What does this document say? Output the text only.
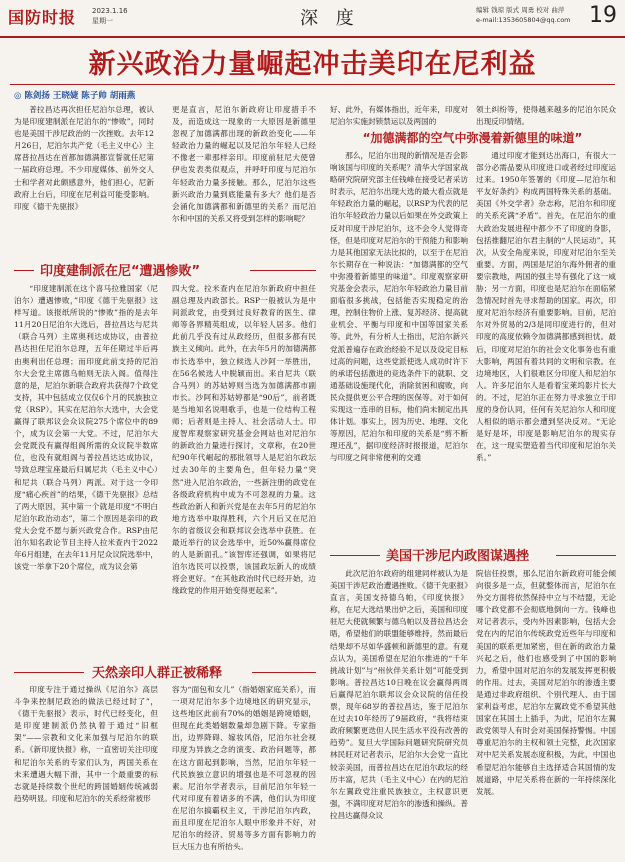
国防时报 2023.1.16
星期一	深 度	编辑 钱琼 版式 周勇 校对 曲萍
e-mail:1353605804@qq.com 19
新兴政治力量崛起冲击美印在尼利益
◎ 陈剑扬 王晓婕 陈子帅 胡雨燕

普拉昌达再次担任尼泊尔总理，被认为是印度建制派在尼泊尔的“惨败”，同时也是美国干涉尼政治的一次挫败。去年12月26日，尼泊尔共产党（毛主义中心）主席普拉昌达在首都加德满都宣誓就任尼第一届政府总理。不少印度媒体、前外交人士和学者对此颇感意外，他们担心，尼新政府上台后，印度在尼利益可能受影响。印度《德干先驱报》

更是直言，尼泊尔新政府让印度措手不及，而造成这一现象的一大原因是新德里忽视了加德满都出现的新政治变化——年轻政治力量的崛起以及尼泊尔年轻人已经不像老一辈那样亲印。印度前驻尼大使曾伊也发表类似观点，并呼吁印度与尼泊尔年轻政治力量多接触。那么，尼泊尔这些新兴政治力量到底能量有多大？他们是否会涌化加德满都和新德里的关系？而尼泊尔和中国的关系又将受到怎样的影响呢？

好、此外，有媒体指出，近年来，印度对尼泊尔实施封锁禁运以及两国的

领土纠纷等，使得越来越多的尼泊尔民众出现反印情绪。

“加德满都的空气中弥漫着新德里的味道”
印度建制派在尼“遭遇惨败”

“印度建制派在这个喜马拉雅国家（尼泊尔）遭遇惨败，”印度《德干先驱报》这样写道。该报纸所说的“惨败”指的是去年11月20日尼泊尔大选后，普拉昌达与尼共（联合马列）主席奥利达成协议，由普拉昌达担任尼泊尔总理，五年任期过半后再由奥利出任总理；而印度此前支持的尼泊尔大会党主席德乌帕则无法入阁。值得注意的是，尼泊尔新联合政府共获得7个政党支持，其中包括成立仅仅6个月的民族独立党（RSP）。其实在尼泊尔大选中，大会党赢得了联邦议会众议院275个席位中的89个，成为议会第一大党。不过，尼泊尔大会党既没有赢得组阁所需的众议院半数席位，也没有就组阁与普拉昌达达成协议，导致总理宝座最后归属尼共（毛主义中心）和尼共（联合马列）两派。对于这一令印度“痛心疾首”的结果，《德干先驱报》总结了两大原因，其中第一个就是印度“不明白尼泊尔政治动态”，第二个原因是亲印的政党大会党不愿与新兴政党合作。RSP由尼泊尔知名政论节目主持人拉米查内于2022年6月组建，在去年11月尼众议院选举中，该党一举拿下20个席位，成为议会第

四大党。拉米查内在尼泊尔新政府中担任副总理及内政部长。RSP一般被认为是中间派政党，由受到过良好教育的医生、律师等各界精英组成，以年轻人居多。他们此前几乎没有过从政经历，但很多都有民族主义倾向。此外，在去年5月的加德满都市长选举中，独立候选人沙阿一举胜出，在56名候选人中脱颖而出。来自尼共（联合马列）的苏姑婷则当选为加德满都市副市长。沙阿和苏姑婷都是“90后”，前者既是当地知名说唱歌手，也是一位结构工程师；后者则是主持人、社会活动人士。印度智库观察家研究基金会网站也对尼泊尔的新政治力量进行探讨，文章称，在20世纪90年代崛起的那批领导人是尼泊尔政坛过去30年的主要角色，但年轻力量“突然”进入尼泊尔政治，一些新注册的政党在各级政府机构中成为不可忽视的力量。这些政治新人和新兴党是在去年5月的尼泊尔地方选举中取得胜利，六个月后又在尼泊尔的省级议会和联邦议会选举中获胜。在最近举行的议会选举中，近50%赢得席位的人是新面孔。”该智库还强调，如果将尼泊尔选民可以投票，该国政坛新人的成绩将会更好。“在其他政治时代已经开始，边缘政党的作用开始变得更起来”。

那么，尼泊尔出现的新情况是否会影响该国与印度的关系呢？清华大学国家战略研究院研究部主任钱峰在接受记者采访时表示，尼泊尔出现大选的最大看点就是年轻政治力量的崛起，以RSP为代表的尼泊尔年轻政治力量以后如果在外交政策上反对印度干涉尼泊尔，这不会令人觉得奇怪，但是印度对尼泊尔的干预能力和影响力是其他国家无法比拟的，以至于在尼泊尔长期存在一种说法：“加德满都的空气中弥漫着新德里的味道”。印度观察家研究基金会表示，尼泊尔年轻政治力量目前面临很多挑战，包括能否实现稳定的治理，控制住物价上涨、复苏经济、提高就业机会、平衡与印度和中国等国家关系等。此外，有分析人士指出，尼泊尔新兴党派普遍存在政治经验不足以及设定目标过高的问题，这些党派使选人成功时许下的承诺包括激进的竞选条件下的就职、交通基础设施现代化，消除贫困和腐败，向民众提供更公平合理的医保等。对于如何实现这一连串的目标，他们尚未制定出具体计划。事实上，因为历史、地理、文化等原因，尼泊尔和印度的关系是“剪不断理还乱”，据印度经济时报报道，尼泊尔与印度之间非常便利的交通

通过印度才能到达出海口，有很大一部分必需品要从印度进口或者经过印度运过来。1950年签署的《印度—尼泊尔和平友好条约》构成两国特殊关系的基础。美国《外交学者》杂志称，尼泊尔和印度的关系充满“矛盾”。首先，在尼泊尔的重大政治发展进程中都少不了印度的身影，包括推翻尼泊尔君主制的“人民运动”。其次，从安全角度来说，印度对尼泊尔至关重要。方面，两国是尼泊尔海外佣者的重要宗教地，两国的强主导有强化了这一威胁；另一方面，印度也是尼泊尔在面临紧急情况时首先寻求帮助的国家。再次，印度对尼泊尔经济有重要影响。目前，尼泊尔对外贸易的2/3是同印度进行的，但对印度的高度依赖令加德满都感到担忧。最后，印度对尼泊尔的社会文化事务也有重大影响，两国有着共同的文明和宗教。在边境地区，人们很难区分印度人和尼泊尔人。许多尼泊尔人是看着宝莱坞影片长大的。不过，尼泊尔正在努力寻求独立于印度的身份认同，任何有关尼泊尔人和印度人相似的暗示都会遭到坚决反对。“无论是好是坏，印度是影响尼泊尔的现实存在，这一现实塑造着当代印度和尼泊尔关系。”

美国干涉尼内政图谋遇挫

此次尼泊尔政府的组建同样被认为是美国干涉尼政治遭遇挫败。《德干先驱报》直言，美国支持德乌帕，《印度快报》称，在尼大选结果出炉之后，美国和印度驻尼大使就频繁与德乌帕以及普拉昌达会晤，希望他们的联盟能够维持，然而最后结果却不尽如华盛顿和新德里的意。有观点认为，美国希望在尼泊尔推进的“千年挑战计划”与“州伙伴关系计划”可能受到影响。普拉昌达10日晚在议会赢得两周后赢得尼泊尔联邦议会众议院的信任投票，现年68岁的普拉昌达，鉴于尼泊尔在过去10年经历了9届政府，“我将结束政府频繁更迭但人民生活水平没有改善的趋势”。复旦大学国际问题研究院研究员林民旺对记者表示，尼泊尔大会党一直比较亲美国，而普拉昌达在尼泊尔政坛的经历丰富，尼共（毛主义中心）在内的尼泊尔左翼政党注重民族独立，主权意识更强，不满印度对尼泊尔的渗透和操纵。普拉昌达赢得众议

院信任投票，那么尼泊尔新政府可能会倾向很多是一点，但就整体而言，尼泊尔在外交方面将依然保持中立与不结盟，无论哪个政党都不会彻底地倒向一方。钱峰也对记者表示，受内外因素影响，包括大会党在内的尼泊尔传统政党近些年与印度和美国的联系更加紧密，但在新的政治力量兴起之后，他们也感受到了中国的影响力，希望中国对尼泊尔的发展发挥更积极的作用。过去，美国对尼泊尔的渗透主要是通过非政府组织、个别代理人、由于国家利益考虑，尼泊尔左翼政党不希望其他国家在其国土上插手，为此，尼泊尔左翼政党领导人有时会对美国保持警惕。中国尊重尼泊尔的主权和领土完整，此次国家对中尼关系发展态度积极，为此，中国也希望尼泊尔能够自主选择适合其国情的发展道路，中尼关系将在新的一年持续深化发展。

天然亲印人群正被稀释

印度专注于通过操纵《尼泊尔》高层斗争来控制尼政治的做法已经过时了”，《德干先驱报》表示，时代已经变化，但是印度建制派仍然执着于通过“旧框架”——宗教和文化来加强与尼泊尔的联系。《新印度快报》称，一直密切关注印度和尼泊尔关系的专家们认为，两国关系在未来遭遇大幅下滑，其中一个最重要的标志就是持续数个世纪的跨国婚姻传统减弱趋势明显。印度和尼泊尔的关系经常被形

容为“面包和女儿”（指婚姻家庭关系），而一项对尼泊尔多个边境地区的研究显示，这些地区此前有70%的婚姻是跨境婚姻，但现在此类婚姻数量却急剧下降。专家指出，边界降碍、嫁妆风俗，尼泊尔社会视印度为异族之念的演变、政治问题等，都在这方面起到影响，当然，尼泊尔年轻一代民族独立意识的增强也是不可忽视的因素。尼泊尔学者表示，目前尼泊尔年轻一代对印度有着诸多的不满，他们认为印度在尼泊尔搞霸权主义，干涉尼泊尔内政，而且印度在尼泊尔人眼中形象并不好，对尼泊尔的经济、贸易等多方面有影响力的巨大压力也有所抬头。
